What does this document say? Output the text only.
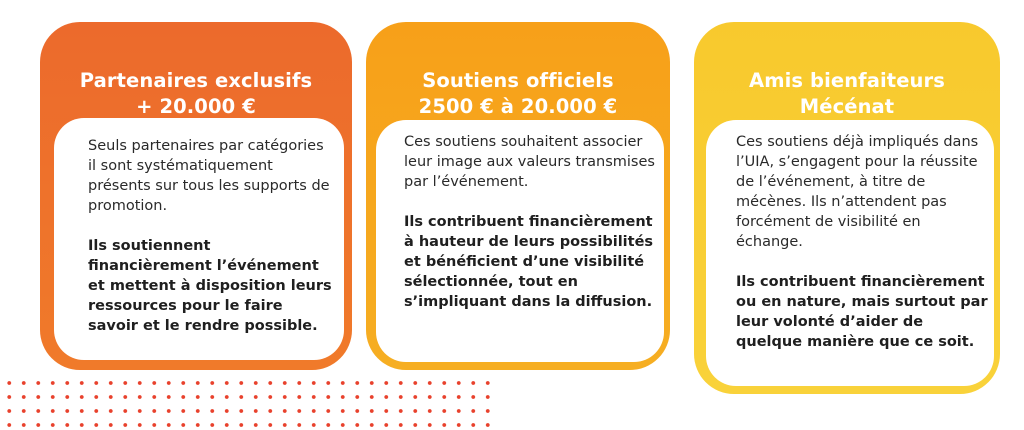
Partenaires exclusifs
+ 20.000 €

Seuls partenaires par catégories il sont systématiquement présents sur tous les supports de promotion.

Ils soutiennent financièrement l’événement et mettent à disposition leurs ressources pour le faire savoir et le rendre possible.

Soutiens officiels
2500 € à 20.000 €

Ces soutiens souhaitent associer leur image aux valeurs transmises par l’événement.

Ils contribuent financièrement à hauteur de leurs possibilités et bénéficient d’une visibilité sélectionnée, tout en s’impliquant dans la diffusion.

Amis bienfaiteurs
Mécénat

Ces soutiens déjà impliqués dans l’UIA, s’engagent pour la réussite de l’événement, à titre de mécènes. Ils n’attendent pas forcément de visibilité en échange.

Ils contribuent financièrement ou en nature, mais surtout par leur volonté d’aider de quelque manière que ce soit.
